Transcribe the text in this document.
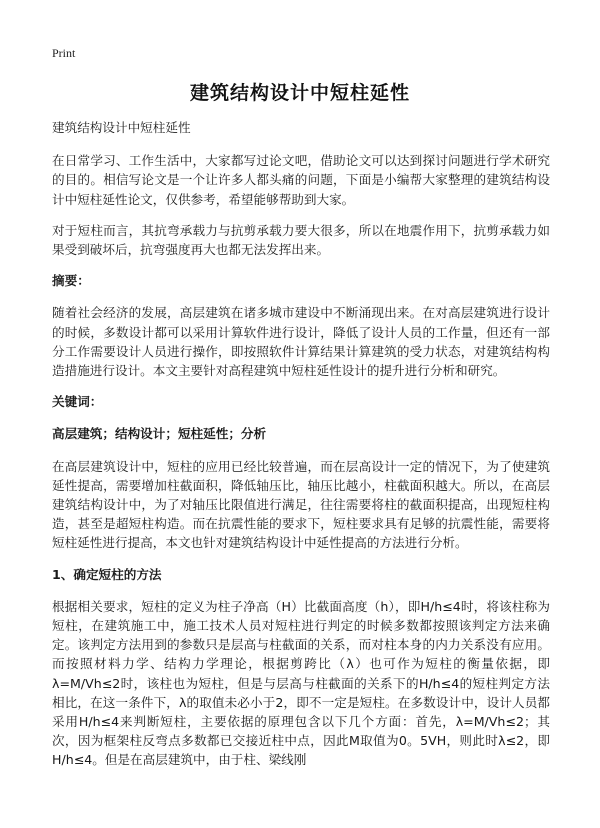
Print
建筑结构设计中短柱延性
建筑结构设计中短柱延性
在日常学习、工作生活中，大家都写过论文吧，借助论文可以达到探讨问题进行学术研究的目的。相信写论文是一个让许多人都头痛的问题，下面是小编帮大家整理的建筑结构设计中短柱延性论文，仅供参考，希望能够帮助到大家。
对于短柱而言，其抗弯承载力与抗剪承载力要大很多，所以在地震作用下，抗剪承载力如果受到破坏后，抗弯强度再大也都无法发挥出来。
摘要：
随着社会经济的发展，高层建筑在诸多城市建设中不断涌现出来。在对高层建筑进行设计的时候，多数设计都可以采用计算软件进行设计，降低了设计人员的工作量，但还有一部分工作需要设计人员进行操作，即按照软件计算结果计算建筑的受力状态，对建筑结构构造措施进行设计。本文主要针对高程建筑中短柱延性设计的提升进行分析和研究。
关键词：
高层建筑；结构设计；短柱延性；分析
在高层建筑设计中，短柱的应用已经比较普遍，而在层高设计一定的情况下，为了使建筑延性提高，需要增加柱截面积，降低轴压比，轴压比越小，柱截面积越大。所以，在高层建筑结构设计中，为了对轴压比限值进行满足，往往需要将柱的截面积提高，出现短柱构造，甚至是超短柱构造。而在抗震性能的要求下，短柱要求具有足够的抗震性能，需要将短柱延性进行提高，本文也针对建筑结构设计中延性提高的方法进行分析。
1、确定短柱的方法
根据相关要求，短柱的定义为柱子净高（H）比截面高度（h），即H/h≤4时，将该柱称为短柱，在建筑施工中，施工技术人员对短柱进行判定的时候多数都按照该判定方法来确定。该判定方法用到的参数只是层高与柱截面的关系，而对柱本身的内力关系没有应用。而按照材料力学、结构力学理论，根据剪跨比（λ）也可作为短柱的衡量依据，即λ=M/Vh≤2时，该柱也为短柱，但是与层高与柱截面的关系下的H/h≤4的短柱判定方法相比，在这一条件下，λ的取值未必小于2，即不一定是短柱。在多数设计中，设计人员都采用H/h≤4来判断短柱，主要依据的原理包含以下几个方面：首先，λ=M/Vh≤2；其次，因为框架柱反弯点多数都已交接近柱中点，因此M取值为0。5VH，则此时λ≤2，即H/h≤4。但是在高层建筑中，由于柱、梁线刚
